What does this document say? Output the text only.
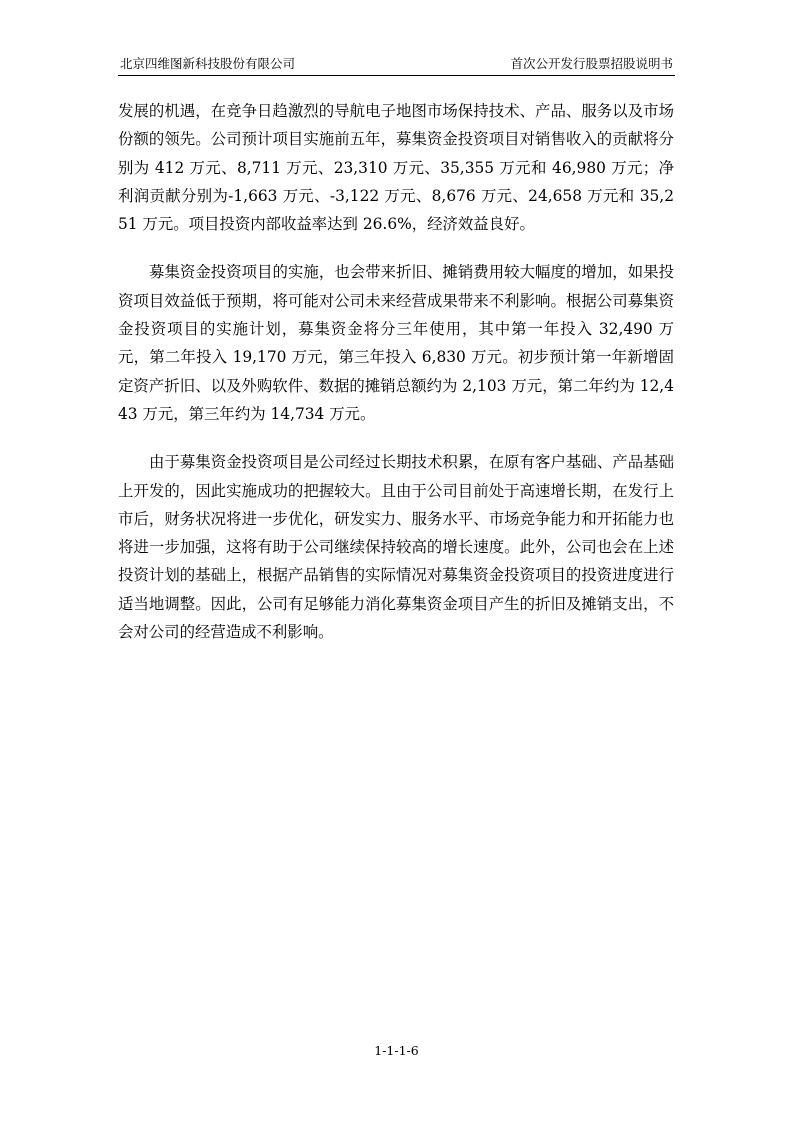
北京四维图新科技股份有限公司	首次公开发行股票招股说明书

发展的机遇，在竞争日趋激烈的导航电子地图市场保持技术、产品、服务以及市场份额的领先。公司预计项目实施前五年，募集资金投资项目对销售收入的贡献将分别为 412 万元、8,711 万元、23,310 万元、35,355 万元和 46,980 万元；净利润贡献分别为-1,663 万元、-3,122 万元、8,676 万元、24,658 万元和 35,251 万元。项目投资内部收益率达到 26.6%，经济效益良好。

募集资金投资项目的实施，也会带来折旧、摊销费用较大幅度的增加，如果投资项目效益低于预期，将可能对公司未来经营成果带来不利影响。根据公司募集资金投资项目的实施计划，募集资金将分三年使用，其中第一年投入 32,490 万元，第二年投入 19,170 万元，第三年投入 6,830 万元。初步预计第一年新增固定资产折旧、以及外购软件、数据的摊销总额约为 2,103 万元，第二年约为 12,443 万元，第三年约为 14,734 万元。

由于募集资金投资项目是公司经过长期技术积累，在原有客户基础、产品基础上开发的，因此实施成功的把握较大。且由于公司目前处于高速增长期，在发行上市后，财务状况将进一步优化，研发实力、服务水平、市场竞争能力和开拓能力也将进一步加强，这将有助于公司继续保持较高的增长速度。此外，公司也会在上述投资计划的基础上，根据产品销售的实际情况对募集资金投资项目的投资进度进行适当地调整。因此，公司有足够能力消化募集资金项目产生的折旧及摊销支出，不会对公司的经营造成不利影响。

1-1-1-6
